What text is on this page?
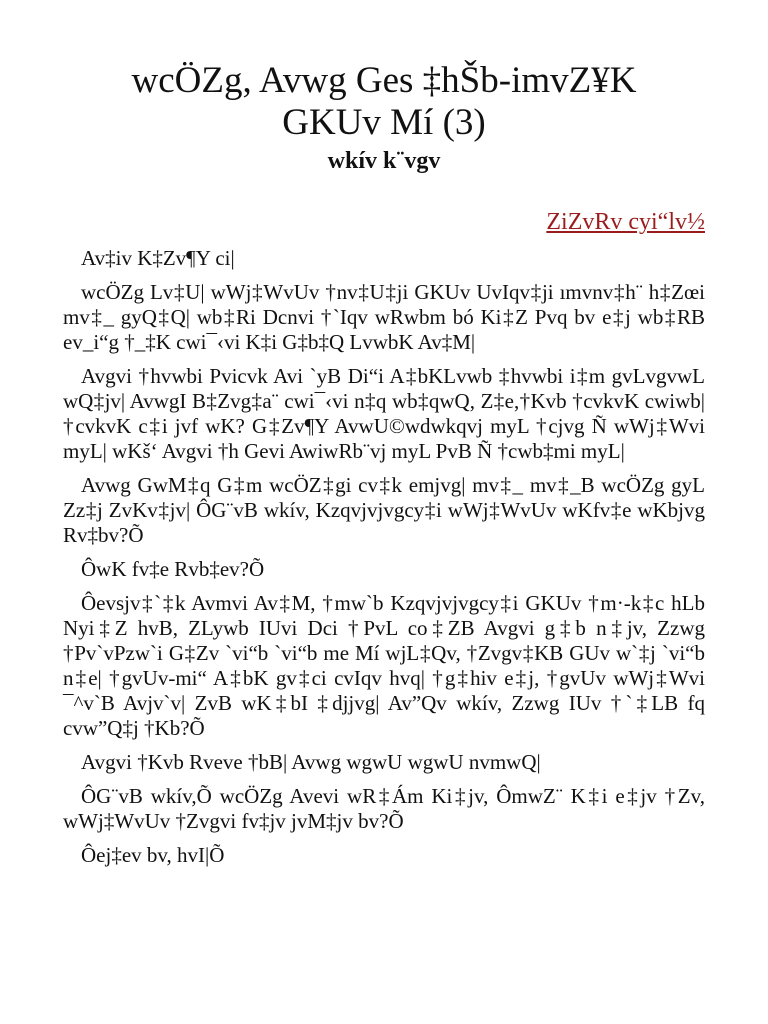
wcÖZg, Avwg Ges ‡hŠb-imvZ¥K
GKUv Mí (3)

wkív k¨vgv

ZiZvRv cyi“lv½

Av‡iv K‡Zv¶Y ci|

wcÖZg Lv‡U| wWj‡WvUv †nv‡U‡ji GKUv UvIqv‡ji ımvnv‡h¨ h‡Zœi mv‡_ gyQ‡Q| wb‡Ri Dcnvi †`Iqv wRwbm bó Ki‡Z Pvq bv e‡j wb‡RB ev_i“g †_‡K cwi¯‹vi K‡i G‡b‡Q LvwbK Av‡M|

Avgvi †hvwbi Pvicvk Avi `yB Di“i A‡bKLvwb ‡hvwbi i‡m gvLvgvwL wQ‡jv| AvwgI B‡Zvg‡a¨ cwi¯‹vi n‡q wb‡qwQ, Z‡e,†Kvb †cvkvK cwiwb| †cvkvK c‡i jvf wK? G‡Zv¶Y AvwU©wdwkqvj myL †cjvg Ñ wWj‡Wvi myL| wKš‘ Avgvi †h Gevi AwiwRb¨vj myL PvB Ñ †cwb‡mi myL|

Avwg GwM‡q G‡m wcÖZ‡gi cv‡k emjvg| mv‡_ mv‡_B wcÖZg gyL Zz‡j ZvKv‡jv| ÔG¨vB wkív, Kzqvjvjvgcy‡i wWj‡WvUv wKfv‡e wKbjvg Rv‡bv?Õ

ÔwK fv‡e Rvb‡ev?Õ

Ôevsjv‡`‡k Avmvi Av‡M, †mw`b Kzqvjvjvgcy‡i GKUv †m·-k‡c hLb Nyi‡Z hvB, ZLywb IUvi Dci †PvL co‡ZB Avgvi g‡b n‡jv, Zzwg †Pv`vPzw`i G‡Zv `vi“b `vi“b me Mí wjL‡Qv, †Zvgv‡KB GUv w`‡j `vi“b n‡e| †gvUv-mi“ A‡bK gv‡ci cvIqv hvq| †g‡hiv e‡j, †gvUv wWj‡Wvi ¯^v`B Avjv`v| ZvB wK‡bI ‡djjvg| Av”Qv wkív, Zzwg IUv †`‡LB fq cvw”Q‡j †Kb?Õ

Avgvi †Kvb Rveve †bB| Avwg wgwU wgwU nvmwQ|

ÔG¨vB wkív,Õ wcÖZg Avevi wR‡Ám Ki‡jv, ÔmwZ¨ K‡i e‡jv †Zv, wWj‡WvUv †Zvgvi fv‡jv jvM‡jv bv?Õ

Ôej‡ev bv, hvI|Õ
